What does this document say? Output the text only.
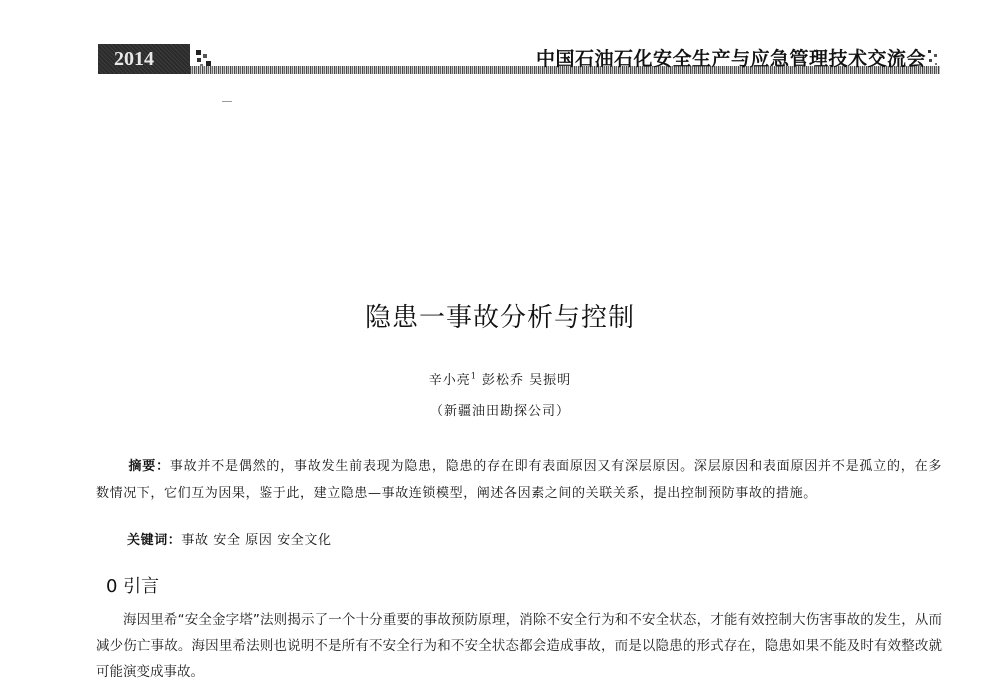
2014	中国石油石化安全生产与应急管理技术交流会
隐患一事故分析与控制
辛小亮$^1$ 彭松乔 吴振明
（新疆油田勘探公司）
摘要：事故并不是偶然的，事故发生前表现为隐患，隐患的存在即有表面原因又有深层原因。深层原因和表面原因并不是孤立的，在多数情况下，它们互为因果，鉴于此，建立隐患—事故连锁模型，阐述各因素之间的关联关系，提出控制预防事故的措施。
关键词：事故 安全 原因 安全文化
0 引言
海因里希“安全金字塔”法则揭示了一个十分重要的事故预防原理，消除不安全行为和不安全状态，才能有效控制大伤害事故的发生，从而减少伤亡事故。海因里希法则也说明不是所有不安全行为和不安全状态都会造成事故，而是以隐患的形式存在，隐患如果不能及时有效整改就可能演变成事故。
